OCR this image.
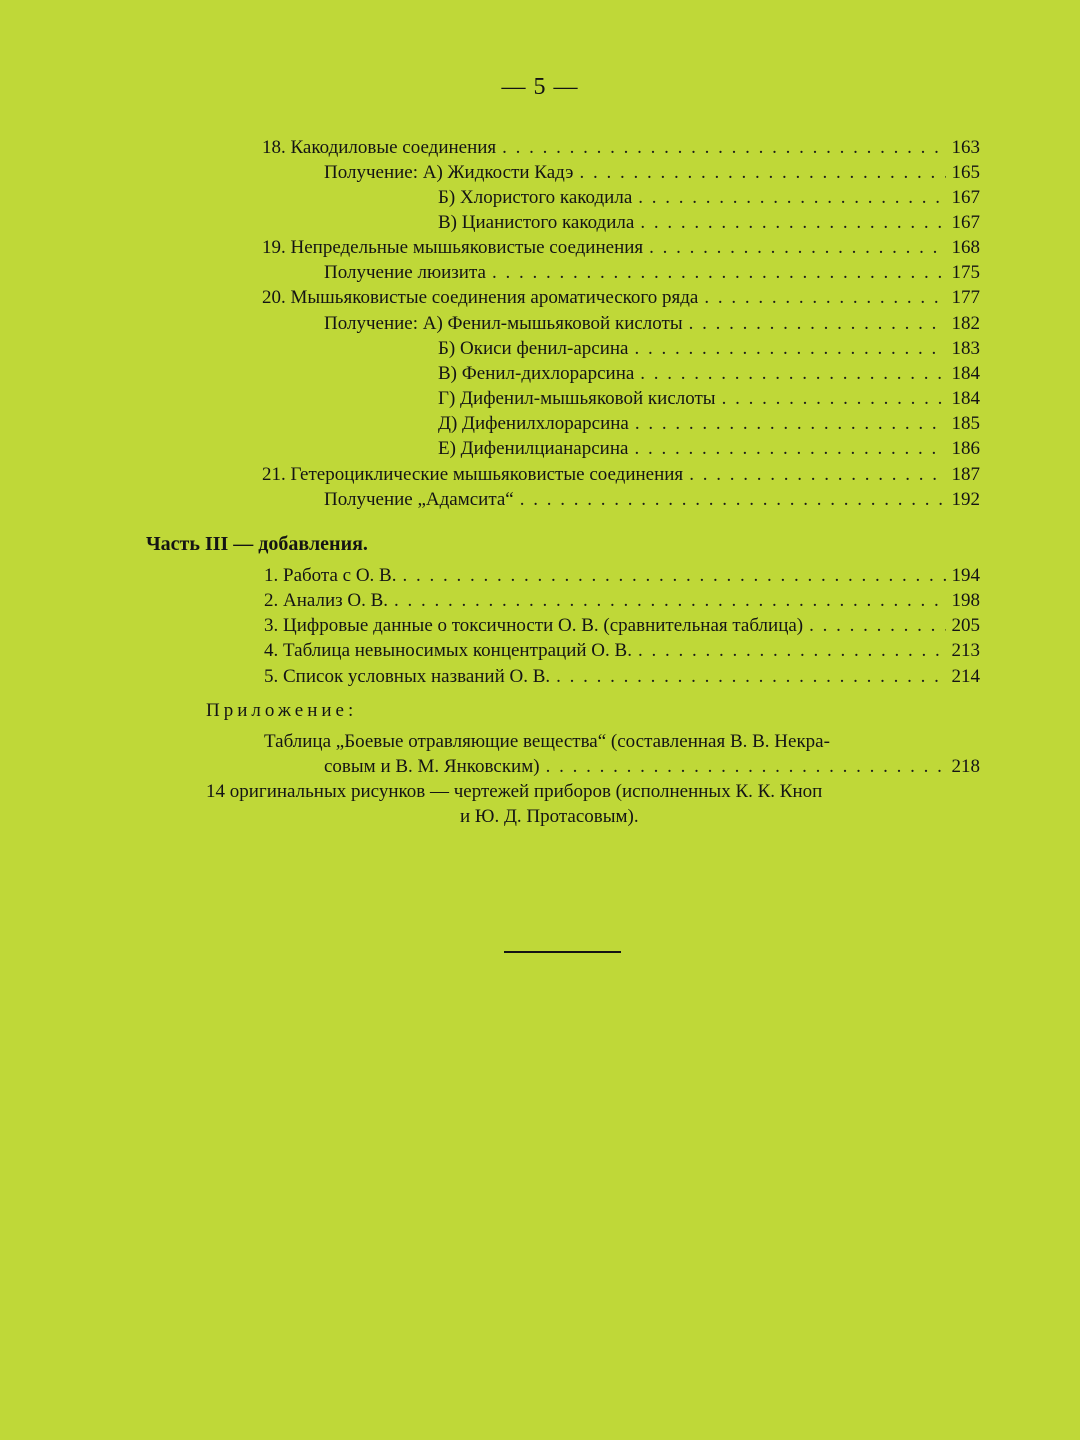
— 5 —
18. Какодиловые соединения . . .	163
Получение: А) Жидкости Кадэ . . .	165
Б) Хлористого какодила . . .	167
В) Цианистого какодила . . .	167
19. Непредельные мышьяковистые соединения . . .	168
Получение люизита . . .	175
20. Мышьяковистые соединения ароматического ряда . . .	177
Получение: А) Фенил-мышьяковой кислоты . . .	182
Б) Окиси фенил-арсина . . .	183
В) Фенил-дихлорарсина . . .	184
Г) Дифенил-мышьяковой кислоты . . .	184
Д) Дифенилхлорарсина . . .	185
Е) Дифенилцианарсина . . .	186
21. Гетероциклические мышьяковистые соединения . . .	187
Получение „Адамсита“ . . .	192
Часть III — добавления.
1. Работа с О. В. . . .	194
2. Анализ О. В. . . .	198
3. Цифровые данные о токсичности О. В. (сравнительная таблица) . . .	205
4. Таблица невыносимых концентраций О. В. . . .	213
5. Список условных названий О. В. . . .	214
Приложение:
Таблица „Боевые отравляющие вещества“ (составленная В. В. Некра-
совым и В. М. Янковским) . . .	218
14 оригинальных рисунков — чертежей приборов (исполненных К. К. Кноп
и Ю. Д. Протасовым).
